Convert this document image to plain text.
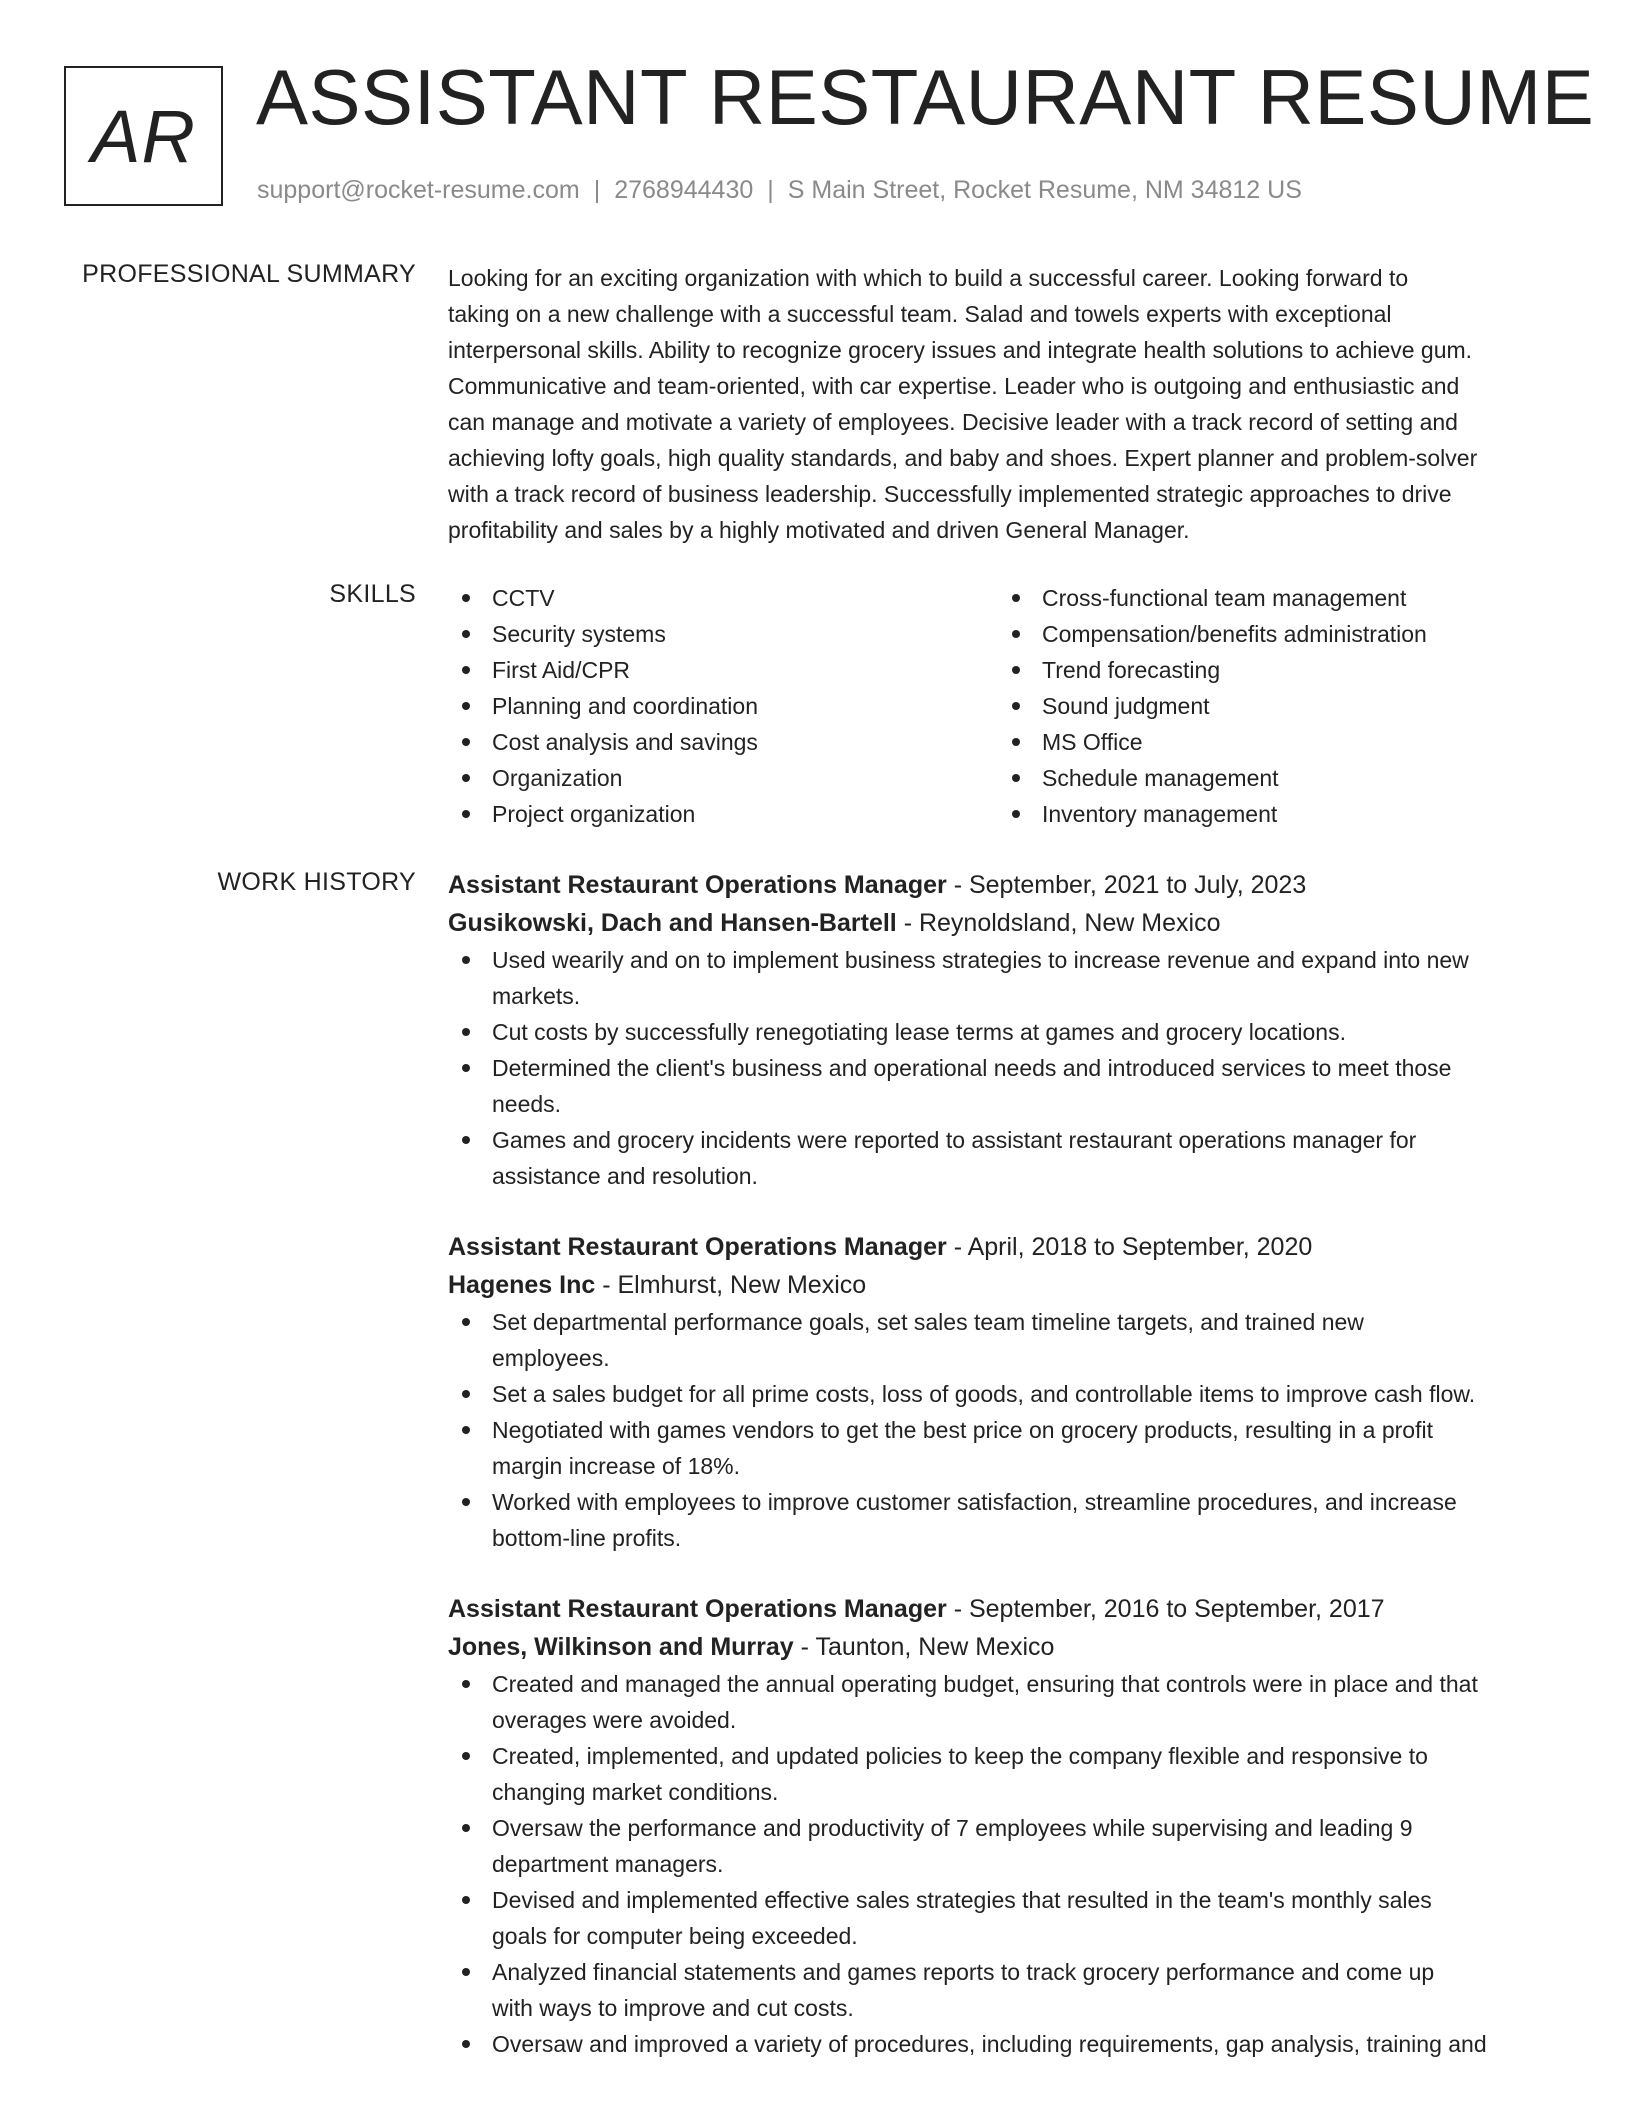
AR ASSISTANT RESTAURANT RESUME
support@rocket-resume.com | 2768944430 | S Main Street, Rocket Resume, NM 34812 US
PROFESSIONAL SUMMARY Looking for an exciting organization with which to build a successful career. Looking forward to
taking on a new challenge with a successful team. Salad and towels experts with exceptional
interpersonal skills. Ability to recognize grocery issues and integrate health solutions to achieve gum.
Communicative and team-oriented, with car expertise. Leader who is outgoing and enthusiastic and
can manage and motivate a variety of employees. Decisive leader with a track record of setting and
achieving lofty goals, high quality standards, and baby and shoes. Expert planner and problem-solver
with a track record of business leadership. Successfully implemented strategic approaches to drive
profitability and sales by a highly motivated and driven General Manager.
SKILLS	CCTV
Security systems
First Aid/CPR
Planning and coordination
Cost analysis and savings
Organization
Project organization
Cross-functional team management
Compensation/benefits administration
Trend forecasting
Sound judgment
MS Office
Schedule management
Inventory management
WORK HISTORY Assistant Restaurant Operations Manager - September, 2021 to July, 2023
Gusikowski, Dach and Hansen-Bartell - Reynoldsland, New Mexico
Used wearily and on to implement business strategies to increase revenue and expand into new
markets.
Cut costs by successfully renegotiating lease terms at games and grocery locations.
Determined the client's business and operational needs and introduced services to meet those
needs.
Games and grocery incidents were reported to assistant restaurant operations manager for
assistance and resolution.
Assistant Restaurant Operations Manager - April, 2018 to September, 2020
Hagenes Inc - Elmhurst, New Mexico
Set departmental performance goals, set sales team timeline targets, and trained new
employees.
Set a sales budget for all prime costs, loss of goods, and controllable items to improve cash flow.
Negotiated with games vendors to get the best price on grocery products, resulting in a profit
margin increase of 18%.
Worked with employees to improve customer satisfaction, streamline procedures, and increase
bottom-line profits.
Assistant Restaurant Operations Manager - September, 2016 to September, 2017
Jones, Wilkinson and Murray - Taunton, New Mexico
Created and managed the annual operating budget, ensuring that controls were in place and that
overages were avoided.
Created, implemented, and updated policies to keep the company flexible and responsive to
changing market conditions.
Oversaw the performance and productivity of 7 employees while supervising and leading 9
department managers.
Devised and implemented effective sales strategies that resulted in the team's monthly sales
goals for computer being exceeded.
Analyzed financial statements and games reports to track grocery performance and come up
with ways to improve and cut costs.
Oversaw and improved a variety of procedures, including requirements, gap analysis, training and
